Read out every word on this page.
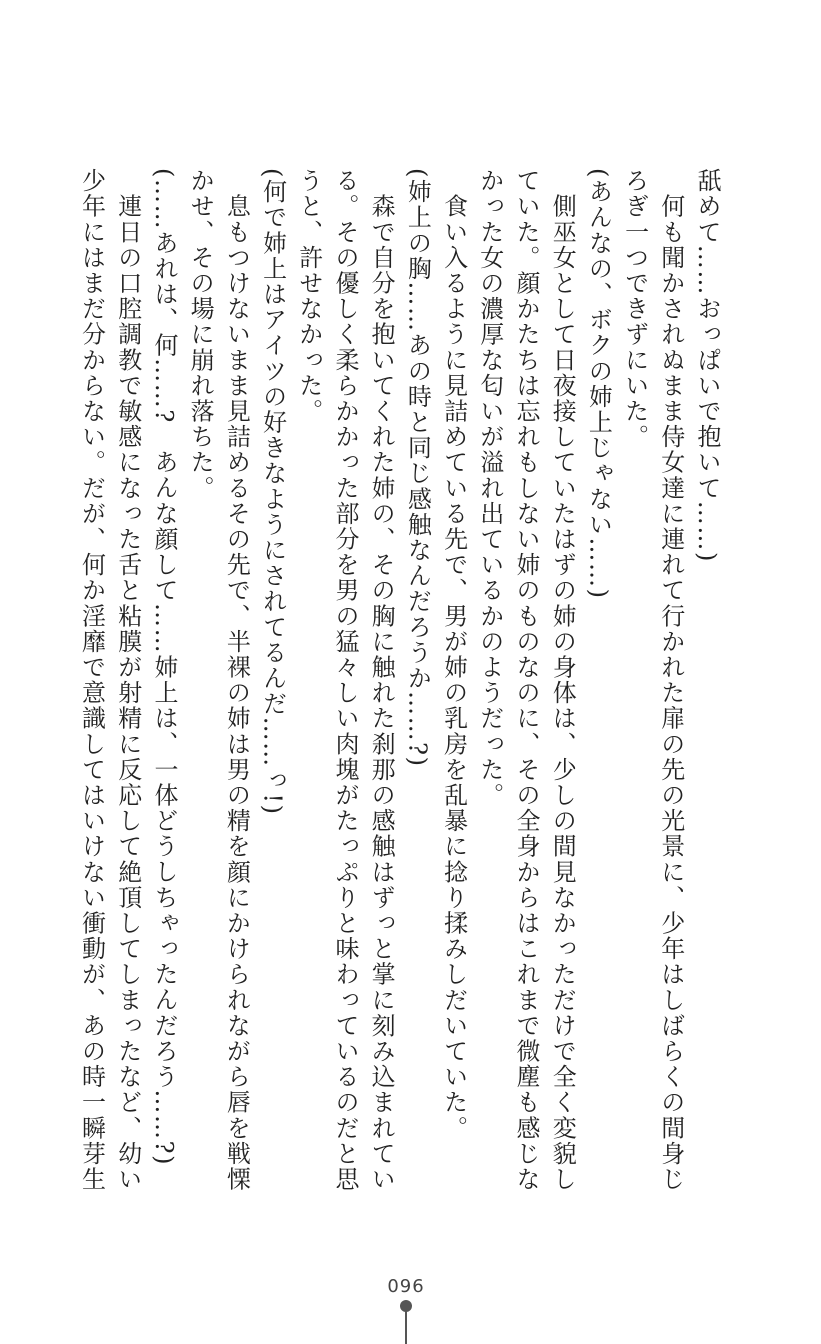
舐めて……おっぱいで抱いて……)

　何も聞かされぬまま侍女達に連れて行かれた扉の先の光景に、少年はしばらくの間身じ

ろぎ一つできずにいた。

(あんなの、ボクの姉上じゃない……)

　側巫女として日夜接していたはずの姉の身体は、少しの間見なかっただけで全く変貌し

ていた。顔かたちは忘れもしない姉のものなのに、その全身からはこれまで微塵も感じな

かった女の濃厚な匂いが溢れ出ているかのようだった。

　食い入るように見詰めている先で、男が姉の乳房を乱暴に捻り揉みしだいていた。

(姉上の胸……あの時と同じ感触なんだろうか……?)

　森で自分を抱いてくれた姉の、その胸に触れた刹那の感触はずっと掌に刻み込まれてい

る。その優しく柔らかかった部分を男の猛々しい肉塊がたっぷりと味わっているのだと思

うと、許せなかった。

(何で姉上はアイツの好きなようにされてるんだ……っ!)

　息もつけないまま見詰めるその先で、半裸の姉は男の精を顔にかけられながら唇を戦慄

かせ、その場に崩れ落ちた。

(……あれは、何……?　あんな顔して……姉上は、一体どうしちゃったんだろう……?)

　連日の口腔調教で敏感になった舌と粘膜が射精に反応して絶頂してしまったなど、幼い

少年にはまだ分からない。だが、何か淫靡で意識してはいけない衝動が、あの時一瞬芽生

096
